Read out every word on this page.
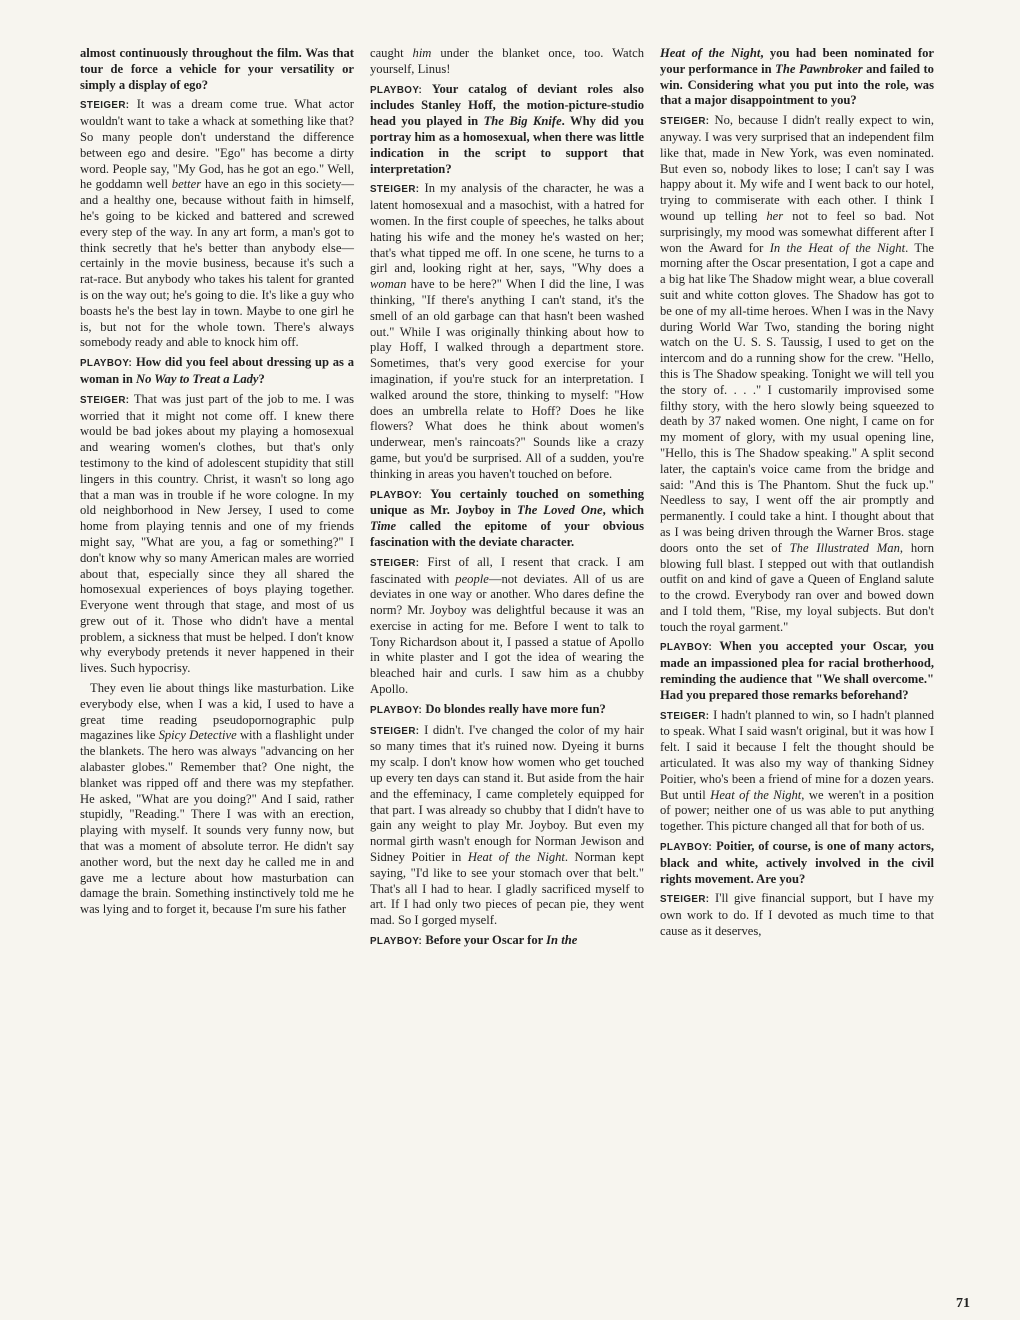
almost continuously throughout the film. Was that tour de force a vehicle for your versatility or simply a display of ego?

STEIGER: It was a dream come true. What actor wouldn't want to take a whack at something like that? So many people don't understand the difference between ego and desire. "Ego" has become a dirty word. People say, "My God, has he got an ego." Well, he goddamn well better have an ego in this society—and a healthy one, because without faith in himself, he's going to be kicked and battered and screwed every step of the way. In any art form, a man's got to think secretly that he's better than anybody else—certainly in the movie business, because it's such a rat-race. But anybody who takes his talent for granted is on the way out; he's going to die. It's like a guy who boasts he's the best lay in town. Maybe to one girl he is, but not for the whole town. There's always somebody ready and able to knock him off.

PLAYBOY: How did you feel about dressing up as a woman in No Way to Treat a Lady?

STEIGER: That was just part of the job to me. I was worried that it might not come off. I knew there would be bad jokes about my playing a homosexual and wearing women's clothes, but that's only testimony to the kind of adolescent stupidity that still lingers in this country. Christ, it wasn't so long ago that a man was in trouble if he wore cologne. In my old neighborhood in New Jersey, I used to come home from playing tennis and one of my friends might say, "What are you, a fag or something?" I don't know why so many American males are worried about that, especially since they all shared the homosexual experiences of boys playing together. Everyone went through that stage, and most of us grew out of it. Those who didn't have a mental problem, a sickness that must be helped. I don't know why everybody pretends it never happened in their lives. Such hypocrisy.

They even lie about things like masturbation. Like everybody else, when I was a kid, I used to have a great time reading pseudopornographic pulp magazines like Spicy Detective with a flashlight under the blankets. The hero was always "advancing on her alabaster globes." Remember that? One night, the blanket was ripped off and there was my stepfather. He asked, "What are you doing?" And I said, rather stupidly, "Reading." There I was with an erection, playing with myself. It sounds very funny now, but that was a moment of absolute terror. He didn't say another word, but the next day he called me in and gave me a lecture about how masturbation can damage the brain. Something instinctively told me he was lying and to forget it, because I'm sure his father

caught him under the blanket once, too. Watch yourself, Linus!

PLAYBOY: Your catalog of deviant roles also includes Stanley Hoff, the motion-picture-studio head you played in The Big Knife. Why did you portray him as a homosexual, when there was little indication in the script to support that interpretation?

STEIGER: In my analysis of the character, he was a latent homosexual and a masochist, with a hatred for women. In the first couple of speeches, he talks about hating his wife and the money he's wasted on her; that's what tipped me off. In one scene, he turns to a girl and, looking right at her, says, "Why does a woman have to be here?" When I did the line, I was thinking, "If there's anything I can't stand, it's the smell of an old garbage can that hasn't been washed out." While I was originally thinking about how to play Hoff, I walked through a department store. Sometimes, that's very good exercise for your imagination, if you're stuck for an interpretation. I walked around the store, thinking to myself: "How does an umbrella relate to Hoff? Does he like flowers? What does he think about women's underwear, men's raincoats?" Sounds like a crazy game, but you'd be surprised. All of a sudden, you're thinking in areas you haven't touched on before.

PLAYBOY: You certainly touched on something unique as Mr. Joyboy in The Loved One, which Time called the epitome of your obvious fascination with the deviate character.

STEIGER: First of all, I resent that crack. I am fascinated with people—not deviates. All of us are deviates in one way or another. Who dares define the norm? Mr. Joyboy was delightful because it was an exercise in acting for me. Before I went to talk to Tony Richardson about it, I passed a statue of Apollo in white plaster and I got the idea of wearing the bleached hair and curls. I saw him as a chubby Apollo.

PLAYBOY: Do blondes really have more fun?

STEIGER: I didn't. I've changed the color of my hair so many times that it's ruined now. Dyeing it burns my scalp. I don't know how women who get touched up every ten days can stand it. But aside from the hair and the effeminacy, I came completely equipped for that part. I was already so chubby that I didn't have to gain any weight to play Mr. Joyboy. But even my normal girth wasn't enough for Norman Jewison and Sidney Poitier in Heat of the Night. Norman kept saying, "I'd like to see your stomach over that belt." That's all I had to hear. I gladly sacrificed myself to art. If I had only two pieces of pecan pie, they went mad. So I gorged myself.

PLAYBOY: Before your Oscar for In the

Heat of the Night, you had been nominated for your performance in The Pawnbroker and failed to win. Considering what you put into the role, was that a major disappointment to you?

STEIGER: No, because I didn't really expect to win, anyway. I was very surprised that an independent film like that, made in New York, was even nominated. But even so, nobody likes to lose; I can't say I was happy about it. My wife and I went back to our hotel, trying to commiserate with each other. I think I wound up telling her not to feel so bad. Not surprisingly, my mood was somewhat different after I won the Award for In the Heat of the Night. The morning after the Oscar presentation, I got a cape and a big hat like The Shadow might wear, a blue coverall suit and white cotton gloves. The Shadow has got to be one of my all-time heroes. When I was in the Navy during World War Two, standing the boring night watch on the U. S. S. Taussig, I used to get on the intercom and do a running show for the crew. "Hello, this is The Shadow speaking. Tonight we will tell you the story of. . . ." I customarily improvised some filthy story, with the hero slowly being squeezed to death by 37 naked women. One night, I came on for my moment of glory, with my usual opening line, "Hello, this is The Shadow speaking." A split second later, the captain's voice came from the bridge and said: "And this is The Phantom. Shut the fuck up." Needless to say, I went off the air promptly and permanently. I could take a hint. I thought about that as I was being driven through the Warner Bros. stage doors onto the set of The Illustrated Man, horn blowing full blast. I stepped out with that outlandish outfit on and kind of gave a Queen of England salute to the crowd. Everybody ran over and bowed down and I told them, "Rise, my loyal subjects. But don't touch the royal garment."

PLAYBOY: When you accepted your Oscar, you made an impassioned plea for racial brotherhood, reminding the audience that "We shall overcome." Had you prepared those remarks beforehand?

STEIGER: I hadn't planned to win, so I hadn't planned to speak. What I said wasn't original, but it was how I felt. I said it because I felt the thought should be articulated. It was also my way of thanking Sidney Poitier, who's been a friend of mine for a dozen years. But until Heat of the Night, we weren't in a position of power; neither one of us was able to put anything together. This picture changed all that for both of us.

PLAYBOY: Poitier, of course, is one of many actors, black and white, actively involved in the civil rights movement. Are you?

STEIGER: I'll give financial support, but I have my own work to do. If I devoted as much time to that cause as it deserves,

71
